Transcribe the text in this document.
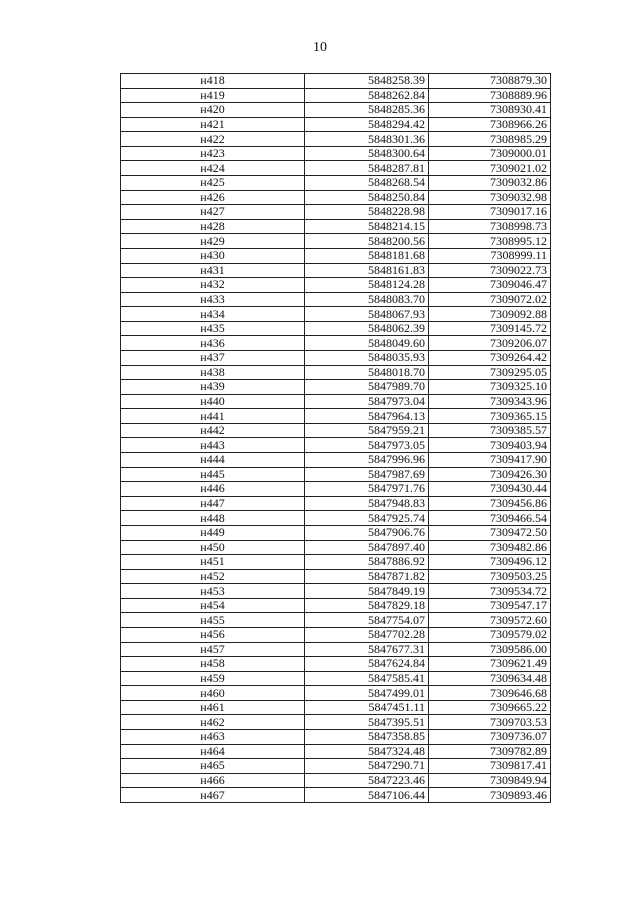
10
н418	5848258.39	7308879.30
н419	5848262.84	7308889.96
н420	5848285.36	7308930.41
н421	5848294.42	7308966.26
н422	5848301.36	7308985.29
н423	5848300.64	7309000.01
н424	5848287.81	7309021.02
н425	5848268.54	7309032.86
н426	5848250.84	7309032.98
н427	5848228.98	7309017.16
н428	5848214.15	7308998.73
н429	5848200.56	7308995.12
н430	5848181.68	7308999.11
н431	5848161.83	7309022.73
н432	5848124.28	7309046.47
н433	5848083.70	7309072.02
н434	5848067.93	7309092.88
н435	5848062.39	7309145.72
н436	5848049.60	7309206.07
н437	5848035.93	7309264.42
н438	5848018.70	7309295.05
н439	5847989.70	7309325.10
н440	5847973.04	7309343.96
н441	5847964.13	7309365.15
н442	5847959.21	7309385.57
н443	5847973.05	7309403.94
н444	5847996.96	7309417.90
н445	5847987.69	7309426.30
н446	5847971.76	7309430.44
н447	5847948.83	7309456.86
н448	5847925.74	7309466.54
н449	5847906.76	7309472.50
н450	5847897.40	7309482.86
н451	5847886.92	7309496.12
н452	5847871.82	7309503.25
н453	5847849.19	7309534.72
н454	5847829.18	7309547.17
н455	5847754.07	7309572.60
н456	5847702.28	7309579.02
н457	5847677.31	7309586.00
н458	5847624.84	7309621.49
н459	5847585.41	7309634.48
н460	5847499.01	7309646.68
н461	5847451.11	7309665.22
н462	5847395.51	7309703.53
н463	5847358.85	7309736.07
н464	5847324.48	7309782.89
н465	5847290.71	7309817.41
н466	5847223.46	7309849.94
н467	5847106.44	7309893.46
